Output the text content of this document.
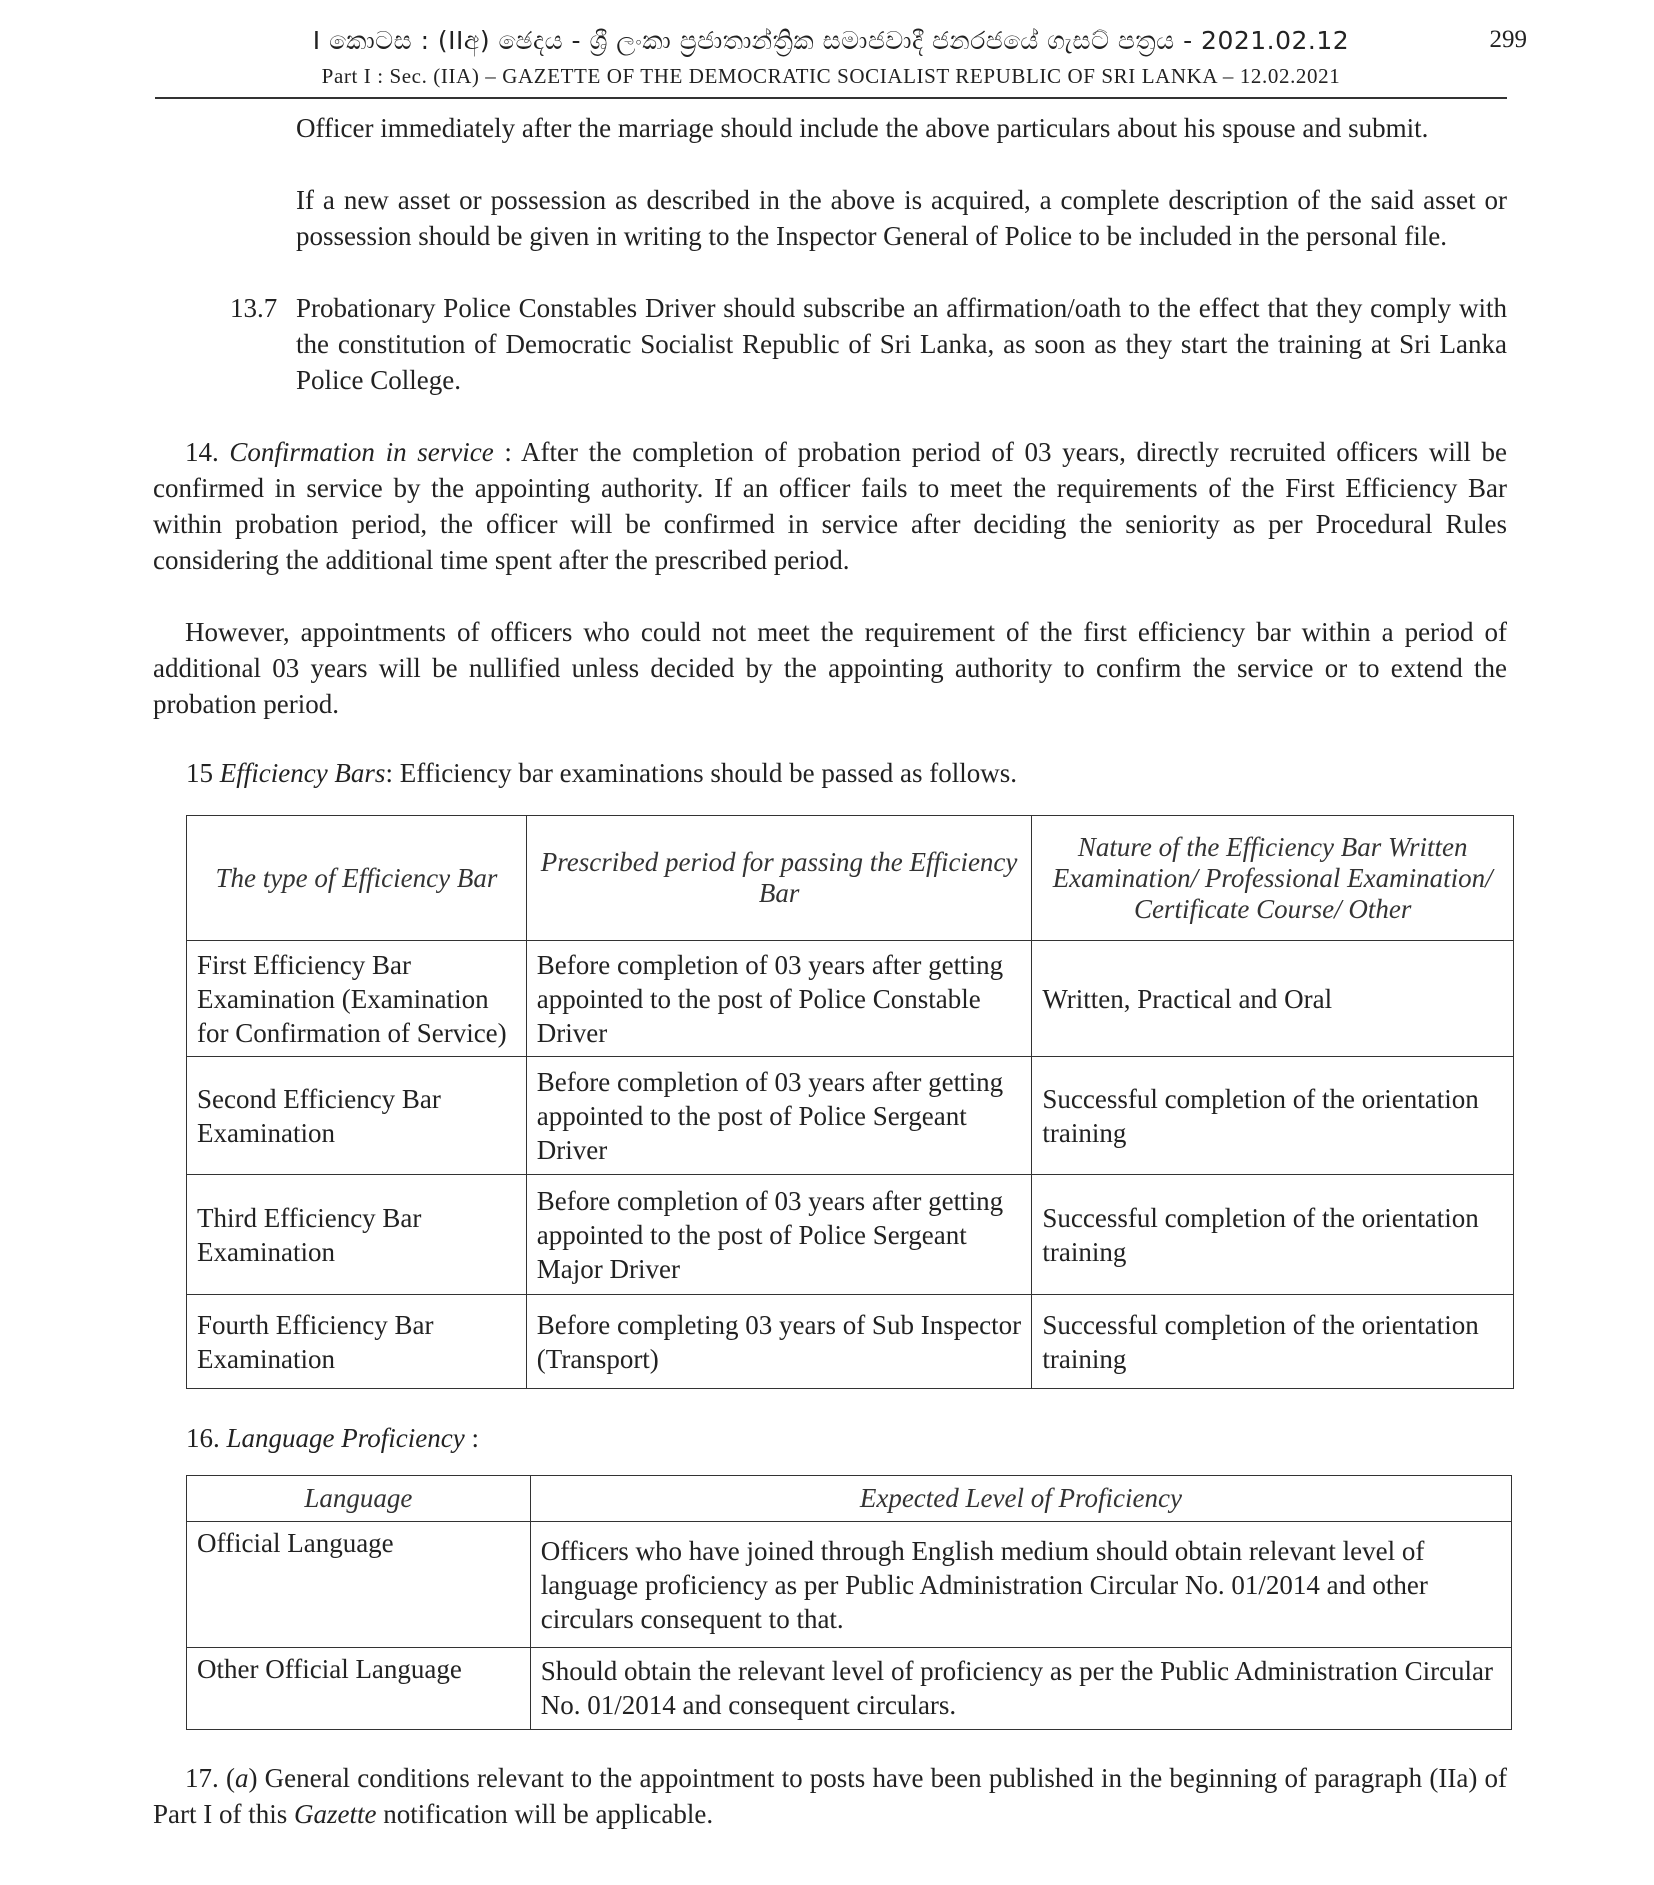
I කොටස : (IIඅ) ඡෙදය - ශ්‍රී ලංකා ප්‍රජාතාන්ත්‍රික සමාජවාදී ජනරජයේ ගැසට් පත්‍රය - 2021.02.12
Part I : Sec. (IIA) – GAZETTE OF THE DEMOCRATIC SOCIALIST REPUBLIC OF SRI LANKA – 12.02.2021
299

Officer immediately after the marriage should include the above particulars about his spouse and submit.

If a new asset or possession as described in the above is acquired, a complete description of the said asset or possession should be given in writing to the Inspector General of Police to be included in the personal file.

13.7 Probationary Police Constables Driver should subscribe an affirmation/oath to the effect that they comply with the constitution of Democratic Socialist Republic of Sri Lanka, as soon as they start the training at Sri Lanka Police College.

14. Confirmation in service : After the completion of probation period of 03 years, directly recruited officers will be confirmed in service by the appointing authority. If an officer fails to meet the requirements of the First Efficiency Bar within probation period, the officer will be confirmed in service after deciding the seniority as per Procedural Rules considering the additional time spent after the prescribed period.

However, appointments of officers who could not meet the requirement of the first efficiency bar within a period of additional 03 years will be nullified unless decided by the appointing authority to confirm the service or to extend the probation period.

15 Efficiency Bars: Efficiency bar examinations should be passed as follows.

The type of Efficiency Bar	Prescribed period for passing the Efficiency Bar	Nature of the Efficiency Bar Written Examination/ Professional Examination/ Certificate Course/ Other
First Efficiency Bar Examination (Examination for Confirmation of Service)	Before completion of 03 years after getting appointed to the post of Police Constable Driver	Written, Practical and Oral
Second Efficiency Bar Examination	Before completion of 03 years after getting appointed to the post of Police Sergeant Driver	Successful completion of the orientation training
Third Efficiency Bar Examination	Before completion of 03 years after getting appointed to the post of Police Sergeant Major Driver	Successful completion of the orientation training
Fourth Efficiency Bar Examination	Before completing 03 years of Sub Inspector (Transport)	Successful completion of the orientation training

16. Language Proficiency :

Language	Expected Level of Proficiency
Official Language	Officers who have joined through English medium should obtain relevant level of language proficiency as per Public Administration Circular No. 01/2014 and other circulars consequent to that.
Other Official Language	Should obtain the relevant level of proficiency as per the Public Administration Circular No. 01/2014 and consequent circulars.

17. (a) General conditions relevant to the appointment to posts have been published in the beginning of paragraph (IIa) of Part I of this Gazette notification will be applicable.
